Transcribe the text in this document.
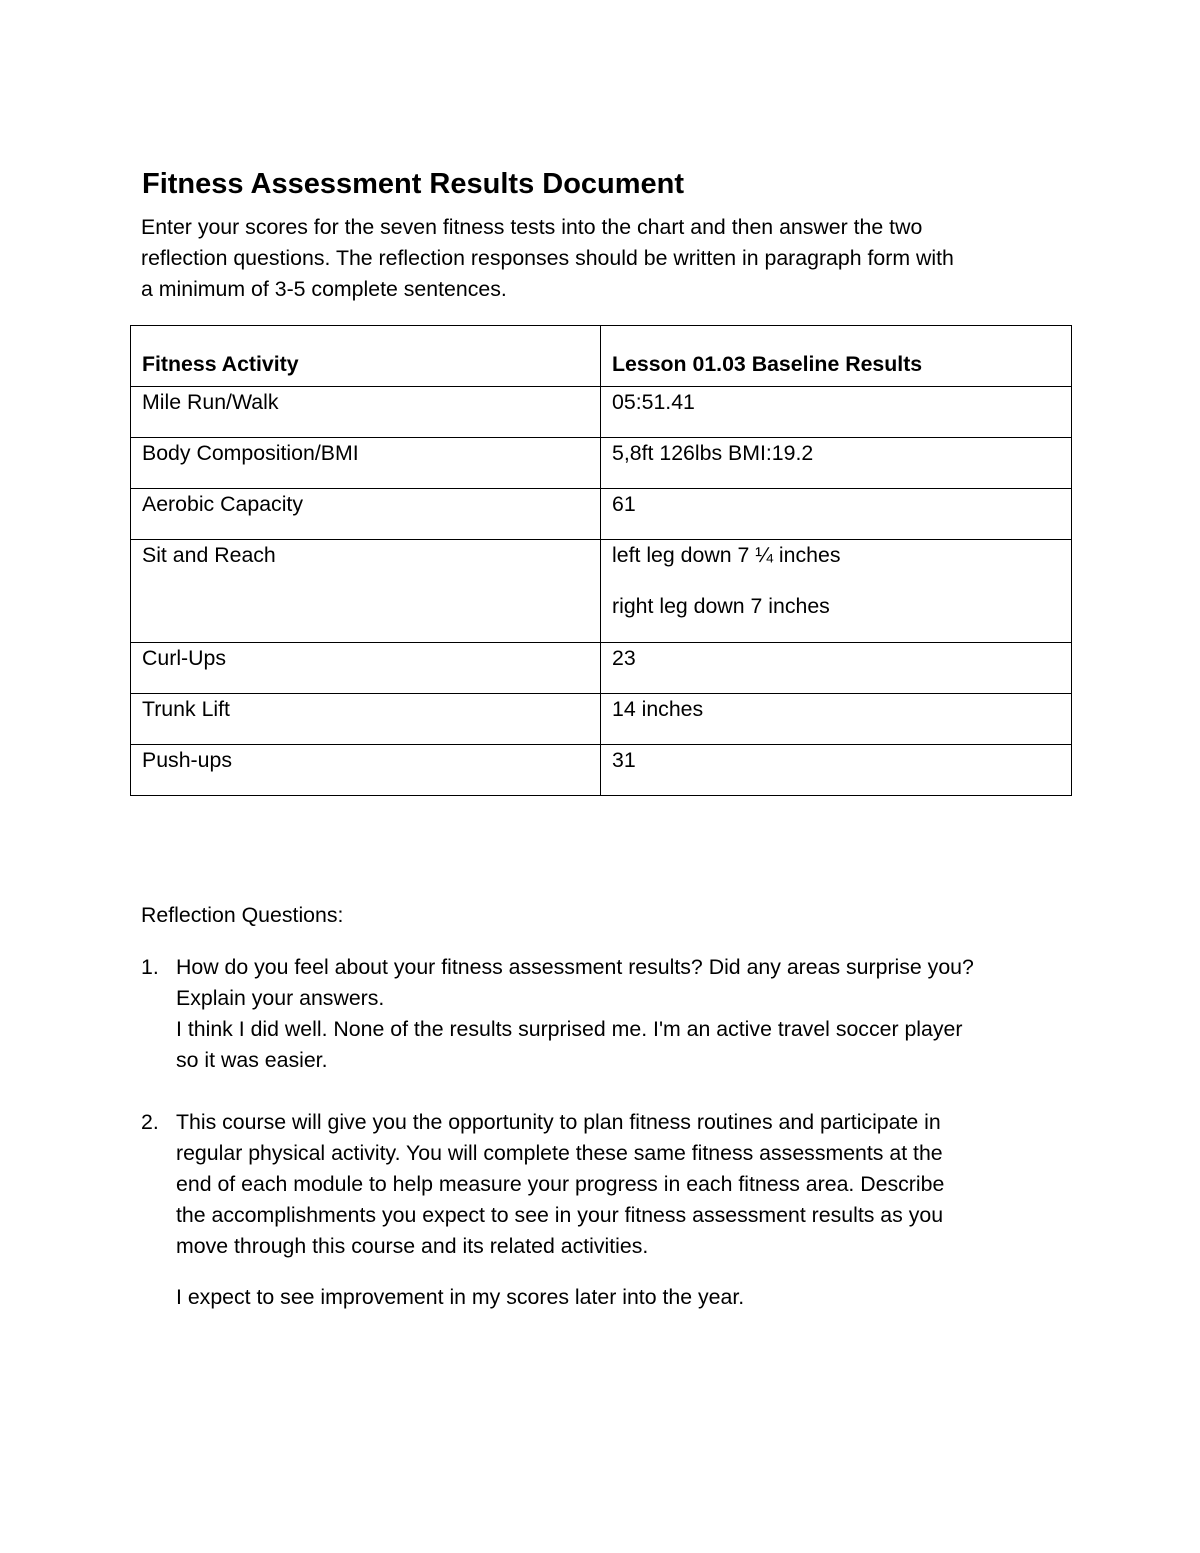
Fitness Assessment Results Document

Enter your scores for the seven fitness tests into the chart and then answer the two
reflection questions. The reflection responses should be written in paragraph form with
a minimum of 3-5 complete sentences.

Fitness Activity	Lesson 01.03 Baseline Results
Mile Run/Walk	05:51.41

Body Composition/BMI	5,8ft 126lbs BMI:19.2

Aerobic Capacity	61

Sit and Reach	left leg down 7 ¼ inches
right leg down 7 inches

Curl-Ups	23

Trunk Lift	14 inches

Push-ups	31

Reflection Questions:

1. How do you feel about your fitness assessment results? Did any areas surprise you?
Explain your answers.
I think I did well. None of the results surprised me. I'm an active travel soccer player
so it was easier.
2. This course will give you the opportunity to plan fitness routines and participate in
regular physical activity. You will complete these same fitness assessments at the
end of each module to help measure your progress in each fitness area. Describe
the accomplishments you expect to see in your fitness assessment results as you
move through this course and its related activities.
I expect to see improvement in my scores later into the year.
